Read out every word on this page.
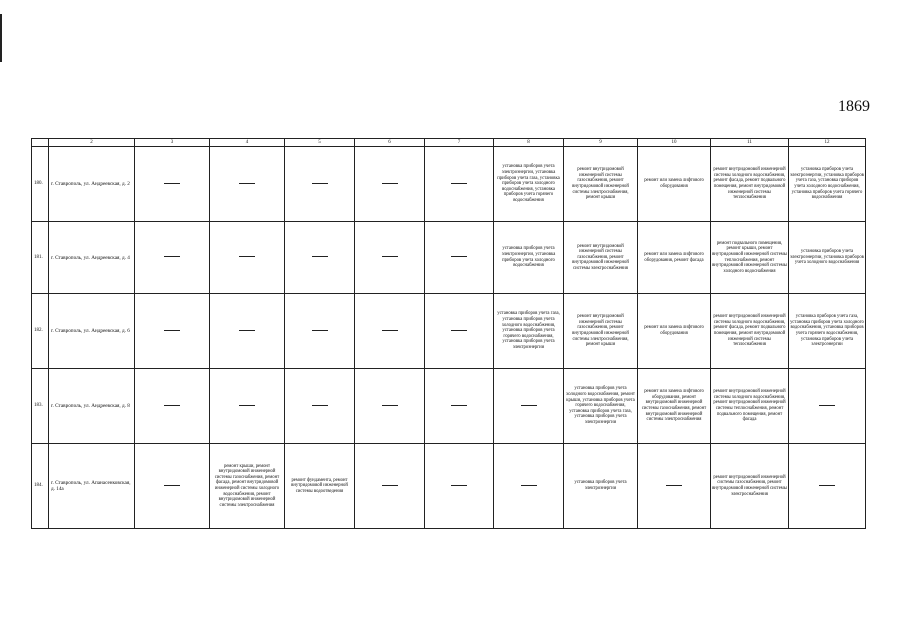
1869
	2	3	4	5	6	7	8	9	10	11	12
180.	г. Ставрополь, ул. Андреевская, д. 2						установка приборов учета электроэнергии, установка приборов учета газа, установка приборов учета холодного водоснабжения, установка приборов учета горячего водоснабжения	ремонт внутридомовой инженерной системы газоснабжения, ремонт внутридомовой инженерной системы электроснабжения, ремонт крыши	ремонт или замена лифтового оборудования	ремонт внутридомовой инженерной системы холодного водоснабжения, ремонт фасада, ремонт подвального помещения, ремонт внутридомовой инженерной системы теплоснабжения	установка приборов учета электроэнергии, установка приборов учета газа, установка приборов учета холодного водоснабжения, установка приборов учета горячего водоснабжения
181.	г. Ставрополь, ул. Андреевская, д. 4						установка приборов учета электроэнергии, установка приборов учета холодного водоснабжения	ремонт внутридомовой инженерной системы газоснабжения, ремонт внутридомовой инженерной системы электроснабжения	ремонт или замена лифтового оборудования, ремонт фасада	ремонт подвального помещения, ремонт крыши, ремонт внутридомовой инженерной системы теплоснабжения, ремонт внутридомовой инженерной системы холодного водоснабжения	установка приборов учета электроэнергии, установка приборов учета холодного водоснабжения
182.	г. Ставрополь, ул. Андреевская, д. 6						установка приборов учета газа, установка приборов учета холодного водоснабжения, установка приборов учета горячего водоснабжения, установка приборов учета электроэнергии	ремонт внутридомовой инженерной системы газоснабжения, ремонт внутридомовой инженерной системы электроснабжения, ремонт крыши	ремонт или замена лифтового оборудования	ремонт внутридомовой инженерной системы холодного водоснабжения, ремонт фасада, ремонт подвального помещения, ремонт внутридомовой инженерной системы теплоснабжения	установка приборов учета газа, установка приборов учета холодного водоснабжения, установка приборов учета горячего водоснабжения, установка приборов учета электроэнергии
183.	г. Ставрополь, ул. Андреевская, д. 8							установка приборов учета холодного водоснабжения, ремонт крыши, установка приборов учета горячего водоснабжения, установка приборов учета газа, установка приборов учета электроэнергии	ремонт или замена лифтового оборудования, ремонт внутридомовой инженерной системы газоснабжения, ремонт внутридомовой инженерной системы электроснабжения	ремонт внутридомовой инженерной системы холодного водоснабжения, ремонт внутридомовой инженерной системы теплоснабжения, ремонт подвального помещения, ремонт фасада	
184.	г. Ставрополь, ул. Апанасенковская, д. 14а		ремонт крыши, ремонт внутридомовой инженерной системы газоснабжения, ремонт фасада, ремонт внутридомовой инженерной системы холодного водоснабжения, ремонт внутридомовой инженерной системы электроснабжения	ремонт фундамента, ремонт внутридомовой инженерной системы водоотведения				установка приборов учета электроэнергии		ремонт внутридомовой инженерной системы газоснабжения, ремонт внутридомовой инженерной системы электроснабжения	
